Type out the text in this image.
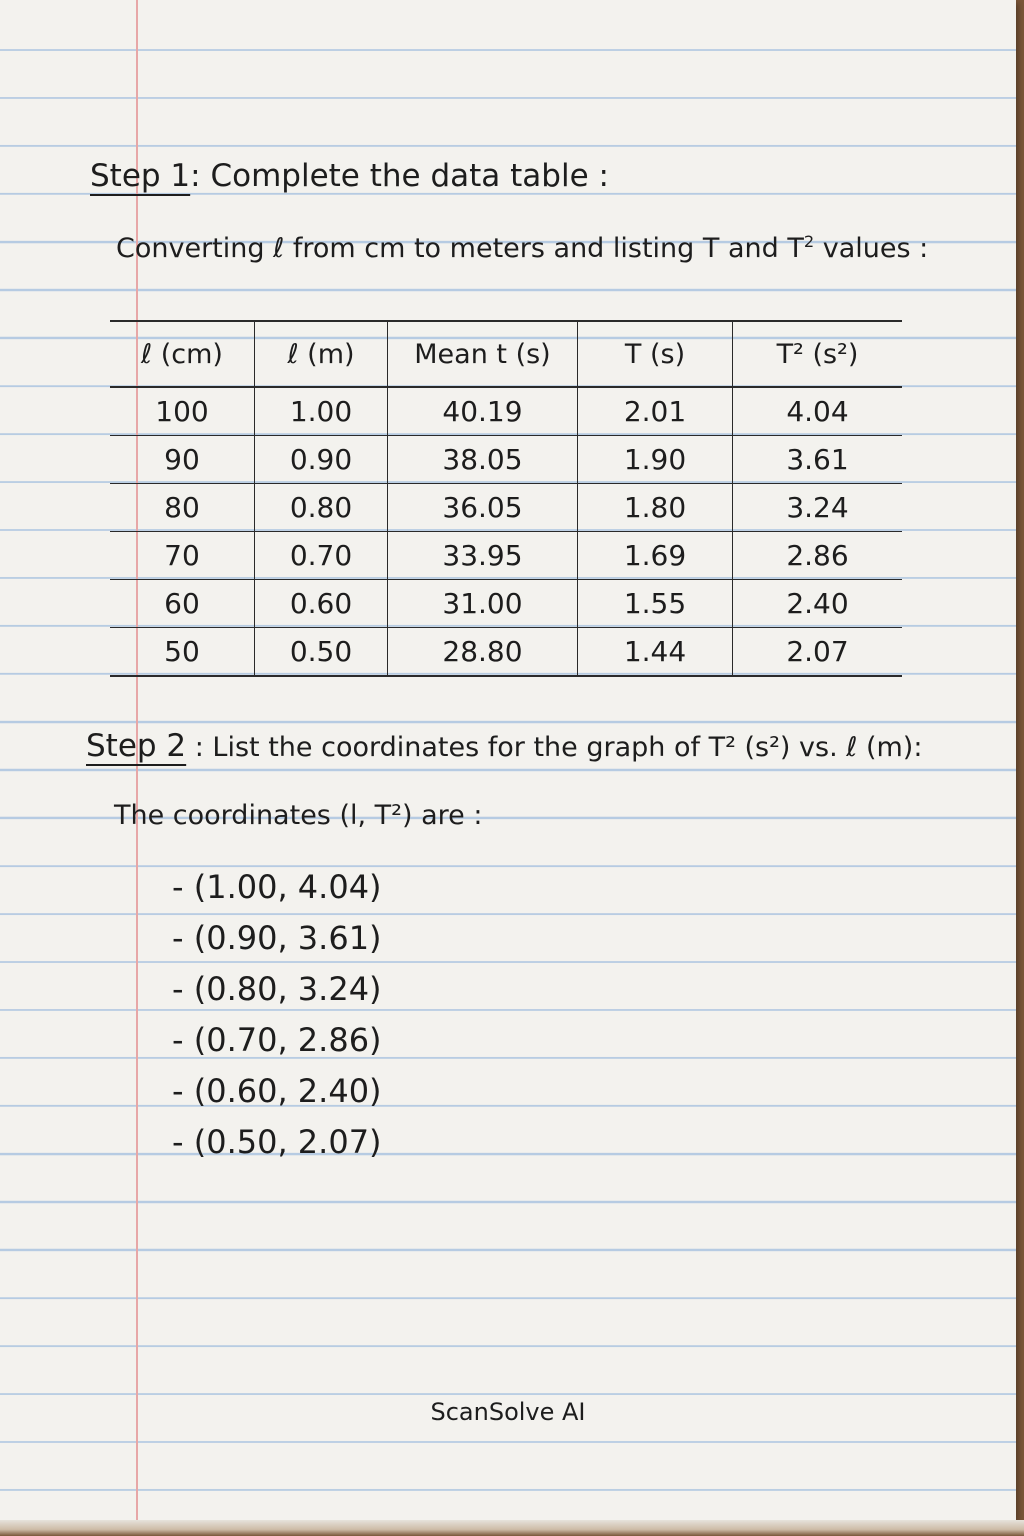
Step 1: Complete the data table :
Converting ℓ from cm to meters and listing T and $T^2$ values :
ℓ (cm)	ℓ (m)	Mean t (s)	T (s)	T² (s²)
100	1.00	40.19	2.01	4.04
90	0.90	38.05	1.90	3.61
80	0.80	36.05	1.80	3.24
70	0.70	33.95	1.69	2.86
60	0.60	31.00	1.55	2.40
50	0.50	28.80	1.44	2.07
Step 2 : List the coordinates for the graph of T² (s²) vs. ℓ (m):
The coordinates (l, T²) are :
- (1.00, 4.04)
- (0.90, 3.61)
- (0.80, 3.24)
- (0.70, 2.86)
- (0.60, 2.40)
- (0.50, 2.07)
ScanSolve AI
